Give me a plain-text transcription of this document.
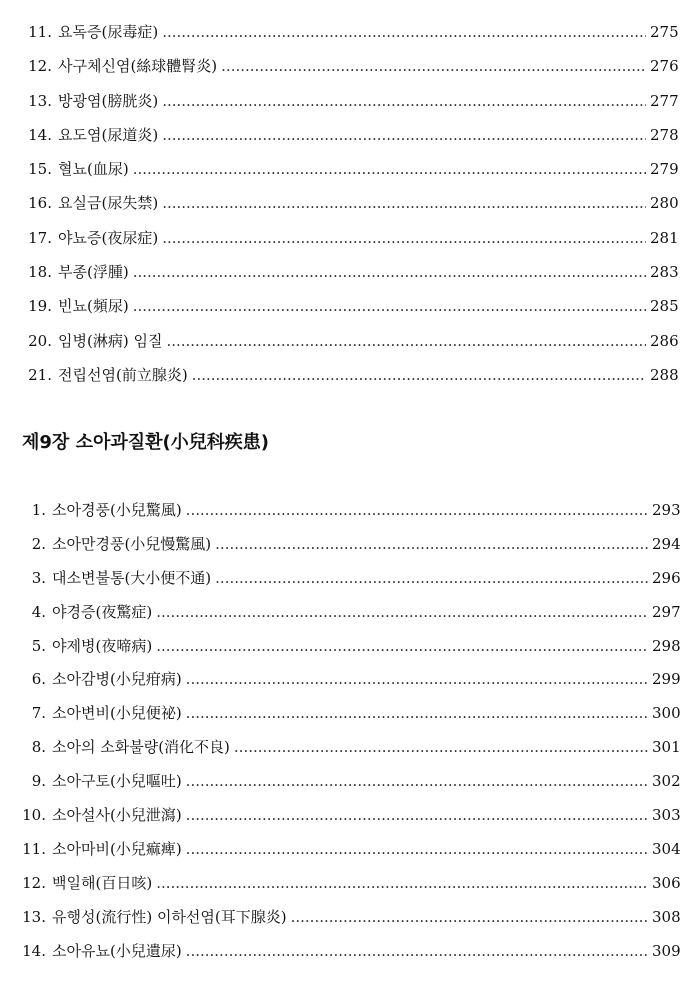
11. 요독증(尿毒症) .....	275
12. 사구체신염(絲球體腎炎) .....	276
13. 방광염(膀胱炎) .....	277
14. 요도염(尿道炎) .....	278
15. 혈뇨(血尿) .....	279
16. 요실금(尿失禁) .....	280
17. 야뇨증(夜尿症) .....	281
18. 부종(浮腫) .....	283
19. 빈뇨(頻尿) .....	285
20. 임병(淋病) 임질 .....	286
21. 전립선염(前立腺炎) .....	288
제9장 소아과질환(小兒科疾患)
1. 소아경풍(小兒驚風) .....	293
2. 소아만경풍(小兒慢驚風) .....	294
3. 대소변불통(大小便不通) .....	296
4. 야경증(夜驚症) .....	297
5. 야제병(夜啼病) .....	298
6. 소아감병(小兒疳病) .....	299
7. 소아변비(小兒便祕) .....	300
8. 소아의 소화불량(消化不良) .....	301
9. 소아구토(小兒嘔吐) .....	302
10. 소아설사(小兒泄瀉) .....	303
11. 소아마비(小兒痲痺) .....	304
12. 백일해(百日咳) .....	306
13. 유행성(流行性) 이하선염(耳下腺炎) .....	308
14. 소아유뇨(小兒遺尿) .....	309
